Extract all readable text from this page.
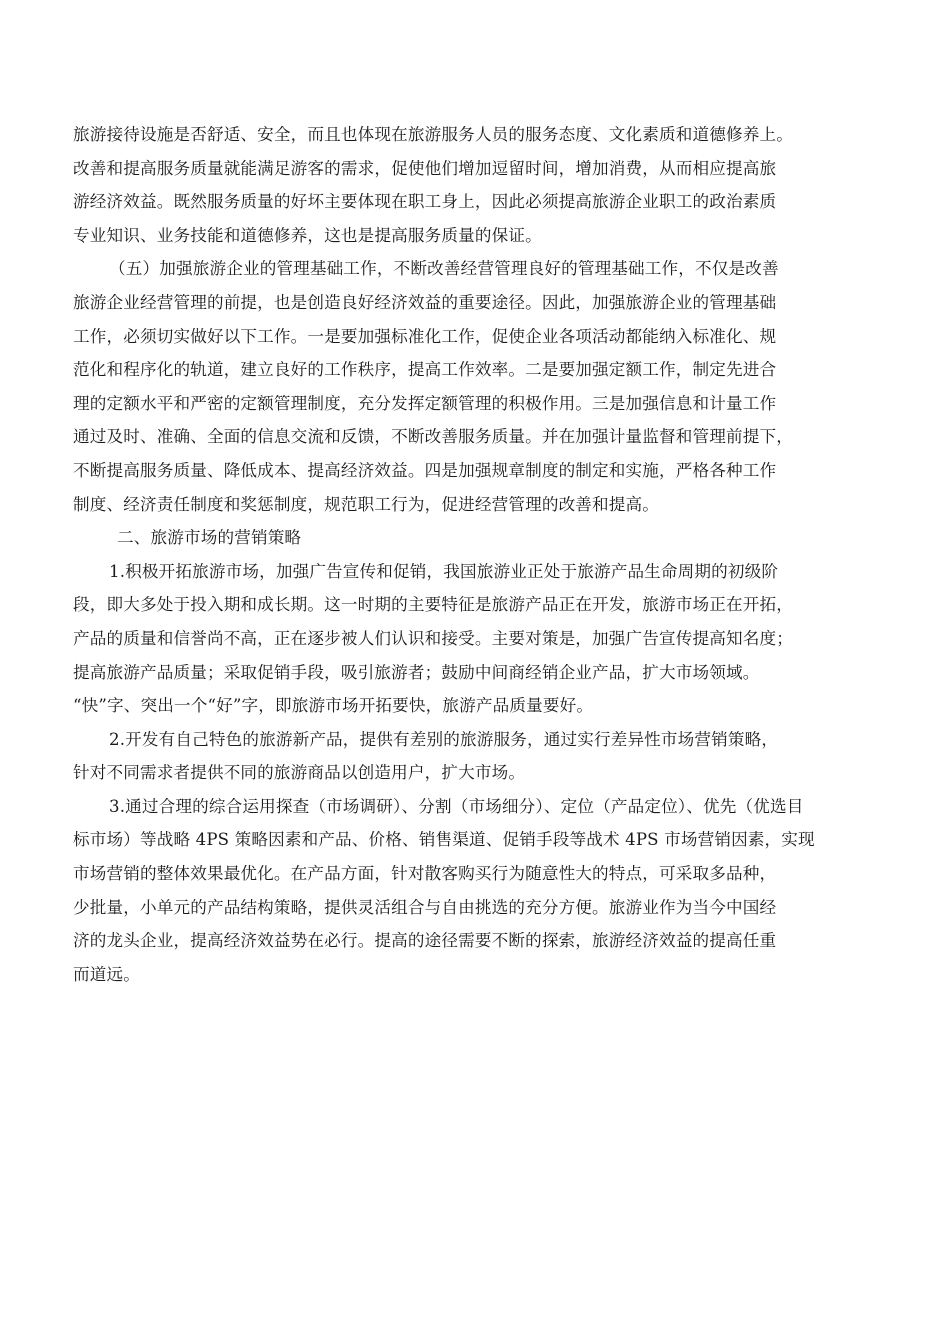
旅游接待设施是否舒适、安全，而且也体现在旅游服务人员的服务态度、文化素质和道德修养上。
改善和提高服务质量就能满足游客的需求，促使他们增加逗留时间，增加消费，从而相应提高旅
游经济效益。既然服务质量的好坏主要体现在职工身上，因此必须提高旅游企业职工的政治素质
专业知识、业务技能和道德修养，这也是提高服务质量的保证。
（五）加强旅游企业的管理基础工作，不断改善经营管理良好的管理基础工作，不仅是改善
旅游企业经营管理的前提，也是创造良好经济效益的重要途径。因此，加强旅游企业的管理基础
工作，必须切实做好以下工作。一是要加强标准化工作，促使企业各项活动都能纳入标准化、规
范化和程序化的轨道，建立良好的工作秩序，提高工作效率。二是要加强定额工作，制定先进合
理的定额水平和严密的定额管理制度，充分发挥定额管理的积极作用。三是加强信息和计量工作
通过及时、准确、全面的信息交流和反馈，不断改善服务质量。并在加强计量监督和管理前提下，
不断提高服务质量、降低成本、提高经济效益。四是加强规章制度的制定和实施，严格各种工作
制度、经济责任制度和奖惩制度，规范职工行为，促进经营管理的改善和提高。
二、旅游市场的营销策略
1.积极开拓旅游市场，加强广告宣传和促销，我国旅游业正处于旅游产品生命周期的初级阶
段，即大多处于投入期和成长期。这一时期的主要特征是旅游产品正在开发，旅游市场正在开拓，
产品的质量和信誉尚不高，正在逐步被人们认识和接受。主要对策是，加强广告宣传提高知名度；
提高旅游产品质量；采取促销手段，吸引旅游者；鼓励中间商经销企业产品，扩大市场领域。
“快”字、突出一个“好”字，即旅游市场开拓要快，旅游产品质量要好。
2.开发有自己特色的旅游新产品，提供有差别的旅游服务，通过实行差异性市场营销策略，
针对不同需求者提供不同的旅游商品以创造用户，扩大市场。
3.通过合理的综合运用探查（市场调研）、分割（市场细分）、定位（产品定位）、优先（优选目
标市场）等战略 4PS 策略因素和产品、价格、销售渠道、促销手段等战术 4PS 市场营销因素，实现
市场营销的整体效果最优化。在产品方面，针对散客购买行为随意性大的特点，可采取多品种，
少批量，小单元的产品结构策略，提供灵活组合与自由挑选的充分方便。旅游业作为当今中国经
济的龙头企业，提高经济效益势在必行。提高的途径需要不断的探索，旅游经济效益的提高任重
而道远。
